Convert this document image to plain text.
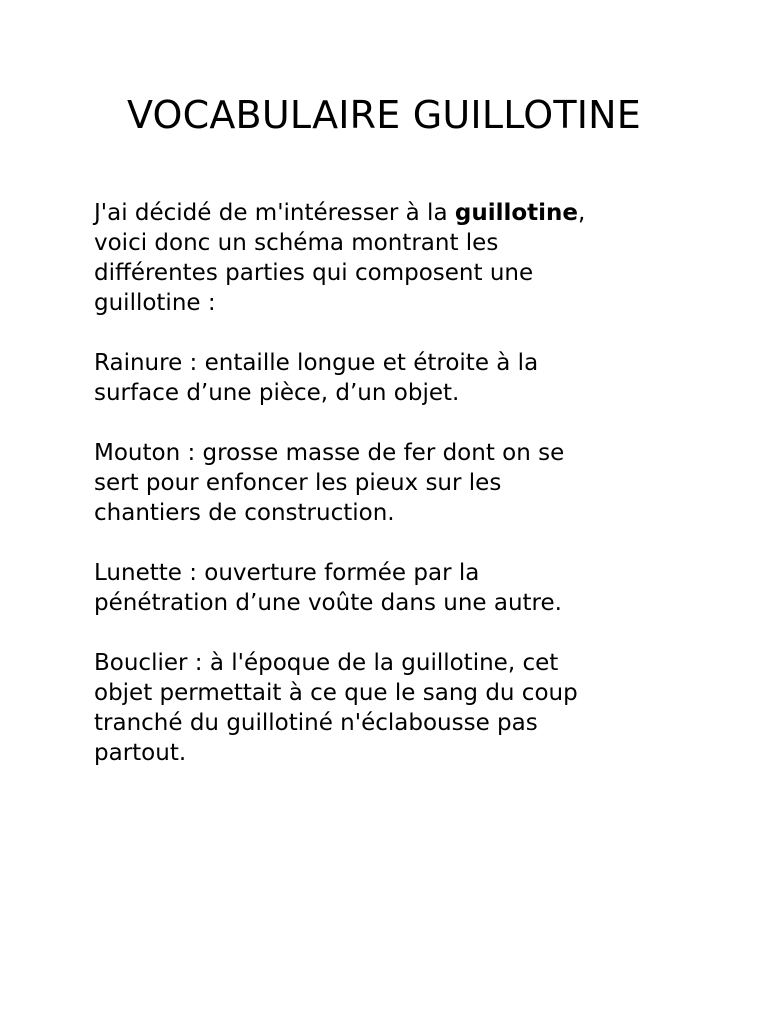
VOCABULAIRE GUILLOTINE

J'ai décidé de m'intéresser à la guillotine,
voici donc un schéma montrant les
différentes parties qui composent une
guillotine :

Rainure : entaille longue et étroite à la
surface d’une pièce, d’un objet.

Mouton : grosse masse de fer dont on se
sert pour enfoncer les pieux sur les
chantiers de construction.

Lunette : ouverture formée par la
pénétration d’une voûte dans une autre.

Bouclier : à l'époque de la guillotine, cet
objet permettait à ce que le sang du coup
tranché du guillotiné n'éclabousse pas
partout.
